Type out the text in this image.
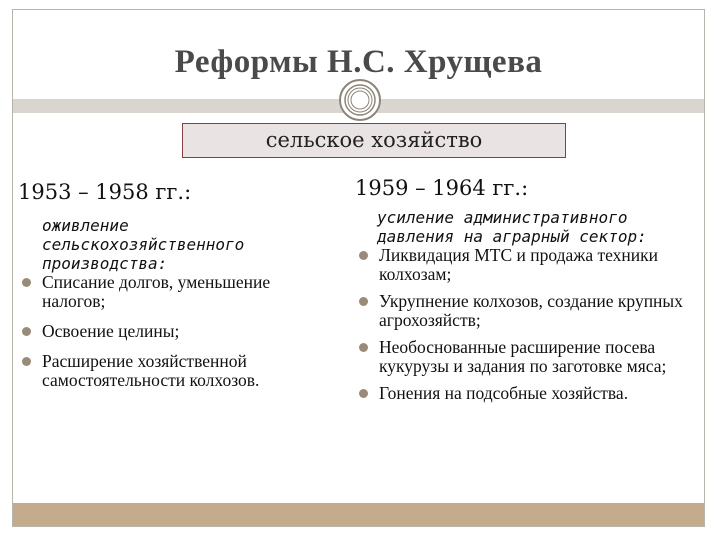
Реформы Н.С. Хрущева
сельское хозяйство
1953 – 1958 гг.:
оживление сельскохозяйственного производства:
Списание долгов, уменьшение налогов;
Освоение целины;
Расширение хозяйственной самостоятельности колхозов.
1959 – 1964 гг.:
усиление административного давления на аграрный сектор:
Ликвидация МТС и продажа техники колхозам;
Укрупнение колхозов, создание крупных агрохозяйств;
Необоснованные расширение посева кукурузы и задания по заготовке мяса;
Гонения на подсобные хозяйства.
